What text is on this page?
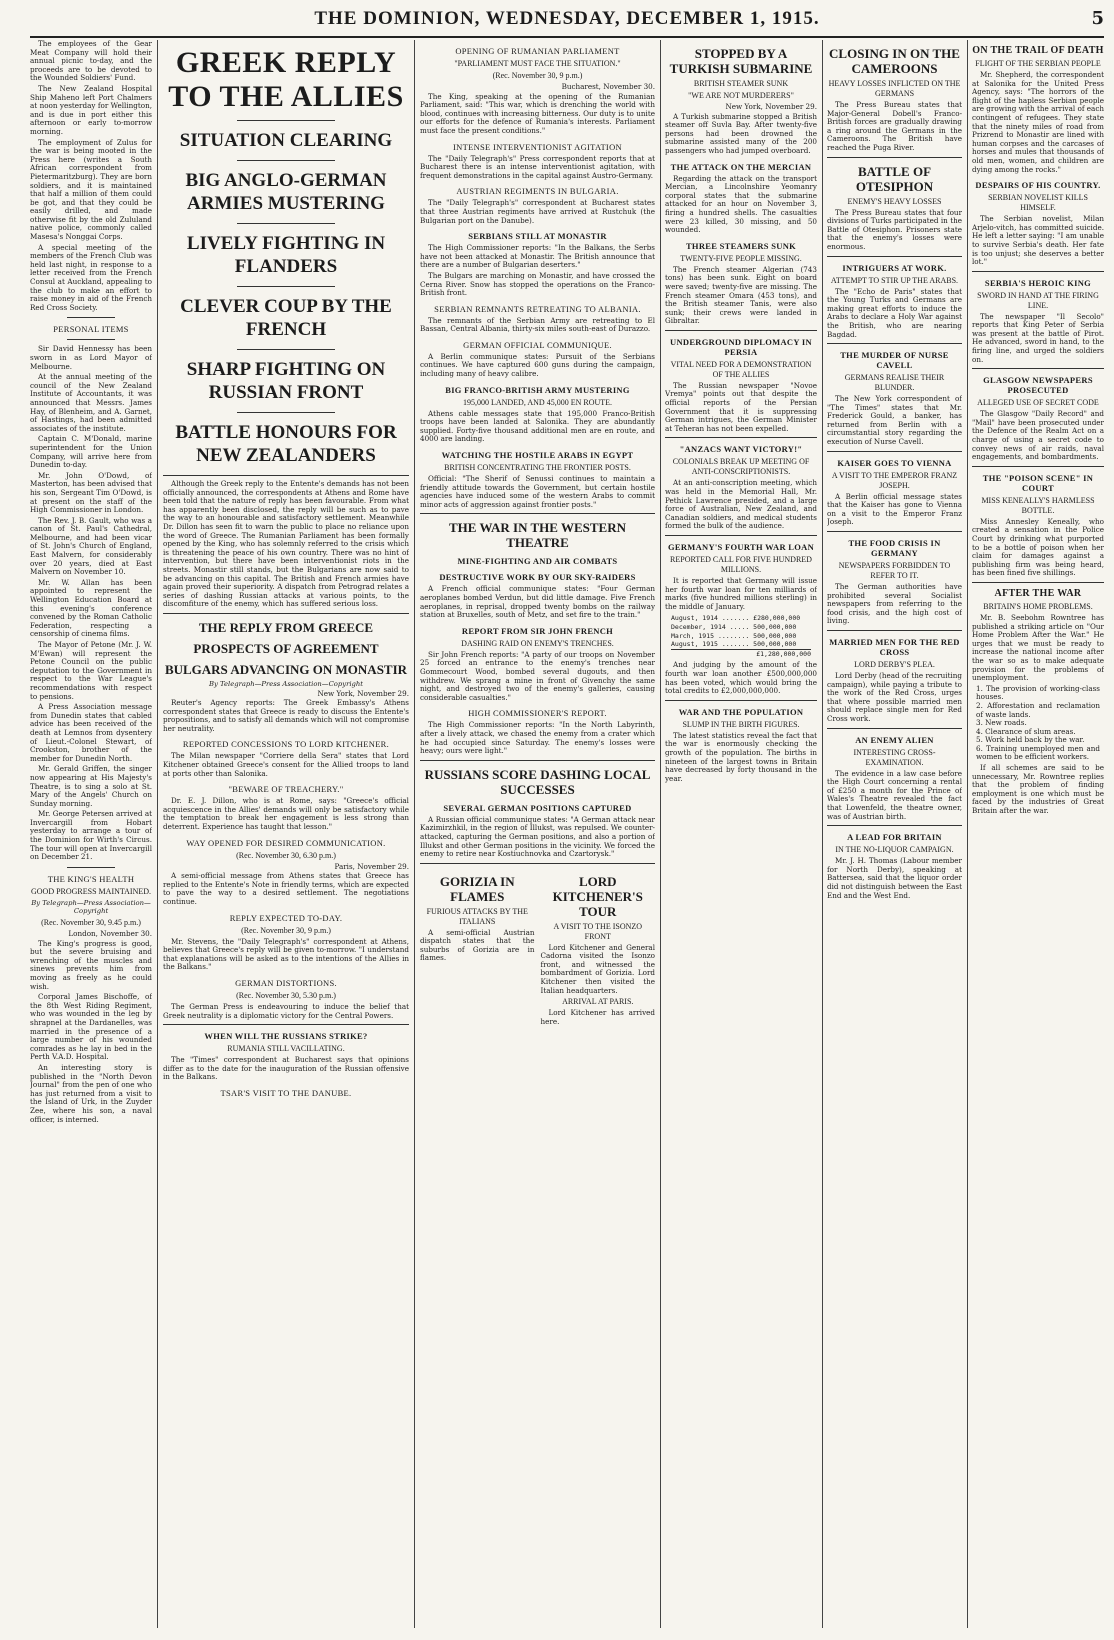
THE DOMINION, WEDNESDAY, DECEMBER 1, 1915.	5

The employees of the Gear Meat Company will hold their annual picnic to-day, and the proceeds are to be devoted to the Wounded Soldiers' Fund.

The New Zealand Hospital Ship Maheno left Port Chalmers at noon yesterday for Wellington, and is due in port either this afternoon or early to-morrow morning.

The employment of Zulus for the war is being mooted in the Press here (writes a South African correspondent from Pietermaritzburg). They are born soldiers, and it is maintained that half a million of them could be got, and that they could be easily drilled, and made otherwise fit by the old Zululand native police, commonly called Masesa's Nonggai Corps.

A special meeting of the members of the French Club was held last night, in response to a letter received from the French Consul at Auckland, appealing to the club to make an effort to raise money in aid of the French Red Cross Society.

PERSONAL ITEMS

Sir David Hennessy has been sworn in as Lord Mayor of Melbourne.

At the annual meeting of the council of the New Zealand Institute of Accountants, it was announced that Messrs. James Hay, of Blenheim, and A. Garnet, of Hastings, had been admitted associates of the institute.

Captain C. M'Donald, marine superintendent for the Union Company, will arrive here from Dunedin to-day.

Mr. John O'Dowd, of Masterton, has been advised that his son, Sergeant Tim O'Dowd, is at present on the staff of the High Commissioner in London.

The Rev. J. B. Gault, who was a canon of St. Paul's Cathedral, Melbourne, and had been vicar of St. John's Church of England, East Malvern, for considerably over 20 years, died at East Malvern on November 10.

Mr. W. Allan has been appointed to represent the Wellington Education Board at this evening's conference convened by the Roman Catholic Federation, respecting a censorship of cinema films.

The Mayor of Petone (Mr. J. W. M'Ewan) will represent the Petone Council on the public deputation to the Government in respect to the War League's recommendations with respect to pensions.

A Press Association message from Dunedin states that cabled advice has been received of the death at Lemnos from dysentery of Lieut.-Colonel Stewart, of Crookston, brother of the member for Dunedin North.

Mr. Gerald Griffen, the singer now appearing at His Majesty's Theatre, is to sing a solo at St. Mary of the Angels' Church on Sunday morning.

Mr. George Petersen arrived at Invercargill from Hobart yesterday to arrange a tour of the Dominion for Wirth's Circus. The tour will open at Invercargill on December 21.

THE KING'S HEALTH
GOOD PROGRESS MAINTAINED.
By Telegraph—Press Association—Copyright
(Rec. November 30, 9.45 p.m.)
London, November 30.

The King's progress is good, but the severe bruising and wrenching of the muscles and sinews prevents him from moving as freely as he could wish.

Corporal James Bischoffe, of the 8th West Riding Regiment, who was wounded in the leg by shrapnel at the Dardanelles, was married in the presence of a large number of his wounded comrades as he lay in bed in the Perth V.A.D. Hospital.

An interesting story is published in the "North Devon Journal" from the pen of one who has just returned from a visit to the Island of Urk, in the Zuyder Zee, where his son, a naval officer, is interned.

GREEK REPLY TO THE ALLIES
SITUATION CLEARING
BIG ANGLO-GERMAN ARMIES MUSTERING
LIVELY FIGHTING IN FLANDERS
CLEVER COUP BY THE FRENCH
SHARP FIGHTING ON RUSSIAN FRONT
BATTLE HONOURS FOR NEW ZEALANDERS

Although the Greek reply to the Entente's demands has not been officially announced, the correspondents at Athens and Rome have been told that the nature of reply has been favourable. From what has apparently been disclosed, the reply will be such as to pave the way to an honourable and satisfactory settlement. Meanwhile Dr. Dillon has seen fit to warn the public to place no reliance upon the word of Greece. The Rumanian Parliament has been formally opened by the King, who has solemnly referred to the crisis which is threatening the peace of his own country. There was no hint of intervention, but there have been interventionist riots in the streets. Monastir still stands, but the Bulgarians are now said to be advancing on this capital. The British and French armies have again proved their superiority. A dispatch from Petrograd relates a series of dashing Russian attacks at various points, to the discomfiture of the enemy, which has suffered serious loss.

THE REPLY FROM GREECE
PROSPECTS OF AGREEMENT
BULGARS ADVANCING ON MONASTIR
By Telegraph—Press Association—Copyright
New York, November 29.

Reuter's Agency reports: The Greek Embassy's Athens correspondent states that Greece is ready to discuss the Entente's propositions, and to satisfy all demands which will not compromise her neutrality.

REPORTED CONCESSIONS TO LORD KITCHENER.

The Milan newspaper "Corriere della Sera" states that Lord Kitchener obtained Greece's consent for the Allied troops to land at ports other than Salonika.

"BEWARE OF TREACHERY."

Dr. E. J. Dillon, who is at Rome, says: "Greece's official acquiescence in the Allies' demands will only be satisfactory while the temptation to break her engagement is less strong than deterrent. Experience has taught that lesson."

WAY OPENED FOR DESIRED COMMUNICATION.
(Rec. November 30, 6.30 p.m.)
Paris, November 29.

A semi-official message from Athens states that Greece has replied to the Entente's Note in friendly terms, which are expected to pave the way to a desired settlement. The negotiations continue.

REPLY EXPECTED TO-DAY.
(Rec. November 30, 9 p.m.)

Mr. Stevens, the "Daily Telegraph's" correspondent at Athens, believes that Greece's reply will be given to-morrow. "I understand that explanations will be asked as to the intentions of the Allies in the Balkans."

GERMAN DISTORTIONS.
(Rec. November 30, 5.30 p.m.)

The German Press is endeavouring to induce the belief that Greek neutrality is a diplomatic victory for the Central Powers.

WHEN WILL THE RUSSIANS STRIKE?
RUMANIA STILL VACILLATING.

The "Times" correspondent at Bucharest says that opinions differ as to the date for the inauguration of the Russian offensive in the Balkans.

TSAR'S VISIT TO THE DANUBE.
OPENING OF RUMANIAN PARLIAMENT
"PARLIAMENT MUST FACE THE SITUATION."
(Rec. November 30, 9 p.m.)
Bucharest, November 30.

The King, speaking at the opening of the Rumanian Parliament, said: "This war, which is drenching the world with blood, continues with increasing bitterness. Our duty is to unite our efforts for the defence of Rumania's interests. Parliament must face the present conditions."

INTENSE INTERVENTIONIST AGITATION

The "Daily Telegraph's" Press correspondent reports that at Bucharest there is an intense interventionist agitation, with frequent demonstrations in the capital against Austro-Germany.

AUSTRIAN REGIMENTS IN BULGARIA.

The "Daily Telegraph's" correspondent at Bucharest states that three Austrian regiments have arrived at Rustchuk (the Bulgarian port on the Danube).

SERBIANS STILL AT MONASTIR

The High Commissioner reports: "In the Balkans, the Serbs have not been attacked at Monastir. The British announce that there are a number of Bulgarian deserters."

The Bulgars are marching on Monastir, and have crossed the Cerna River. Snow has stopped the operations on the Franco-British front.

SERBIAN REMNANTS RETREATING TO ALBANIA.

The remnants of the Serbian Army are retreating to El Bassan, Central Albania, thirty-six miles south-east of Durazzo.

GERMAN OFFICIAL COMMUNIQUE.

A Berlin communique states: Pursuit of the Serbians continues. We have captured 600 guns during the campaign, including many of heavy calibre.

BIG FRANCO-BRITISH ARMY MUSTERING
195,000 LANDED, AND 45,000 EN ROUTE.

Athens cable messages state that 195,000 Franco-British troops have been landed at Salonika. They are abundantly supplied. Forty-five thousand additional men are en route, and 4000 are landing.

WATCHING THE HOSTILE ARABS IN EGYPT
BRITISH CONCENTRATING THE FRONTIER POSTS.

Official: "The Sherif of Senussi continues to maintain a friendly attitude towards the Government, but certain hostile agencies have induced some of the western Arabs to commit minor acts of aggression against frontier posts."

THE WAR IN THE WESTERN THEATRE
MINE-FIGHTING AND AIR COMBATS
DESTRUCTIVE WORK BY OUR SKY-RAIDERS

A French official communique states: "Four German aeroplanes bombed Verdun, but did little damage. Five French aeroplanes, in reprisal, dropped twenty bombs on the railway station at Bruxelles, south of Metz, and set fire to the train."

REPORT FROM SIR JOHN FRENCH
DASHING RAID ON ENEMY'S TRENCHES.

Sir John French reports: "A party of our troops on November 25 forced an entrance to the enemy's trenches near Gommecourt Wood, bombed several dugouts, and then withdrew. We sprang a mine in front of Givenchy the same night, and destroyed two of the enemy's galleries, causing considerable casualties."

HIGH COMMISSIONER'S REPORT.

The High Commissioner reports: "In the North Labyrinth, after a lively attack, we chased the enemy from a crater which he had occupied since Saturday. The enemy's losses were heavy; ours were light."

RUSSIANS SCORE DASHING LOCAL SUCCESSES
SEVERAL GERMAN POSITIONS CAPTURED

A Russian official communique states: "A German attack near Kazimirzhkil, in the region of Illukst, was repulsed. We counter-attacked, capturing the German positions, and also a portion of Illukst and other German positions in the vicinity. We forced the enemy to retire near Kostiuchnovka and Czartorysk."

GORIZIA IN FLAMES
FURIOUS ATTACKS BY THE ITALIANS

A semi-official Austrian dispatch states that the suburbs of Gorizia are in flames.

LORD KITCHENER'S TOUR
A VISIT TO THE ISONZO FRONT

Lord Kitchener and General Cadorna visited the Isonzo front, and witnessed the bombardment of Gorizia. Lord Kitchener then visited the Italian headquarters.

ARRIVAL AT PARIS.

Lord Kitchener has arrived here.

STOPPED BY A TURKISH SUBMARINE
BRITISH STEAMER SUNK
"WE ARE NOT MURDERERS"
New York, November 29.

A Turkish submarine stopped a British steamer off Suvla Bay. After twenty-five persons had been drowned the submarine assisted many of the 200 passengers who had jumped overboard.

THE ATTACK ON THE MERCIAN

Regarding the attack on the transport Mercian, a Lincolnshire Yeomanry corporal states that the submarine attacked for an hour on November 3, firing a hundred shells. The casualties were 23 killed, 30 missing, and 50 wounded.

THREE STEAMERS SUNK
TWENTY-FIVE PEOPLE MISSING.

The French steamer Algerian (743 tons) has been sunk. Eight on board were saved; twenty-five are missing. The French steamer Omara (453 tons), and the British steamer Tanis, were also sunk; their crews were landed in Gibraltar.

UNDERGROUND DIPLOMACY IN PERSIA
VITAL NEED FOR A DEMONSTRATION OF THE ALLIES

The Russian newspaper "Novoe Vremya" points out that despite the official reports of the Persian Government that it is suppressing German intrigues, the German Minister at Teheran has not been expelled.

"ANZACS WANT VICTORY!"
COLONIALS BREAK UP MEETING OF ANTI-CONSCRIPTIONISTS.

At an anti-conscription meeting, which was held in the Memorial Hall, Mr. Pethick Lawrence presided, and a large force of Australian, New Zealand, and Canadian soldiers, and medical students formed the bulk of the audience.

GERMANY'S FOURTH WAR LOAN
REPORTED CALL FOR FIVE HUNDRED MILLIONS.

It is reported that Germany will issue her fourth war loan for ten milliards of marks (five hundred millions sterling) in the middle of January.

August, 1914 ....... £280,000,000
December, 1914 ..... 500,000,000
March, 1915 ........ 500,000,000
August, 1915 ....... 500,000,000
£1,280,000,000

And judging by the amount of the fourth war loan another £500,000,000 has been voted, which would bring the total credits to £2,000,000,000.

WAR AND THE POPULATION
SLUMP IN THE BIRTH FIGURES.

The latest statistics reveal the fact that the war is enormously checking the growth of the population. The births in nineteen of the largest towns in Britain have decreased by forty thousand in the year.

CLOSING IN ON THE CAMEROONS
HEAVY LOSSES INFLICTED ON THE GERMANS

The Press Bureau states that Major-General Dobell's Franco-British forces are gradually drawing a ring around the Germans in the Cameroons. The British have reached the Puga River.

BATTLE OF OTESIPHON
ENEMY'S HEAVY LOSSES

The Press Bureau states that four divisions of Turks participated in the Battle of Otesiphon. Prisoners state that the enemy's losses were enormous.

INTRIGUERS AT WORK.
ATTEMPT TO STIR UP THE ARABS.

The "Echo de Paris" states that the Young Turks and Germans are making great efforts to induce the Arabs to declare a Holy War against the British, who are nearing Bagdad.

THE MURDER OF NURSE CAVELL
GERMANS REALISE THEIR BLUNDER.

The New York correspondent of "The Times" states that Mr. Frederick Gould, a banker, has returned from Berlin with a circumstantial story regarding the execution of Nurse Cavell.

KAISER GOES TO VIENNA
A VISIT TO THE EMPEROR FRANZ JOSEPH.

A Berlin official message states that the Kaiser has gone to Vienna on a visit to the Emperor Franz Joseph.

THE FOOD CRISIS IN GERMANY
NEWSPAPERS FORBIDDEN TO REFER TO IT.

The German authorities have prohibited several Socialist newspapers from referring to the food crisis, and the high cost of living.

MARRIED MEN FOR THE RED CROSS
LORD DERBY'S PLEA.

Lord Derby (head of the recruiting campaign), while paying a tribute to the work of the Red Cross, urges that where possible married men should replace single men for Red Cross work.

AN ENEMY ALIEN
INTERESTING CROSS-EXAMINATION.

The evidence in a law case before the High Court concerning a rental of £250 a month for the Prince of Wales's Theatre revealed the fact that Lowenfeld, the theatre owner, was of Austrian birth.

A LEAD FOR BRITAIN
IN THE NO-LIQUOR CAMPAIGN.

Mr. J. H. Thomas (Labour member for North Derby), speaking at Battersea, said that the liquor order did not distinguish between the East End and the West End.

ON THE TRAIL OF DEATH
FLIGHT OF THE SERBIAN PEOPLE

Mr. Shepherd, the correspondent at Salonika for the United Press Agency, says: "The horrors of the flight of the hapless Serbian people are growing with the arrival of each contingent of refugees. They state that the ninety miles of road from Prizrend to Monastir are lined with human corpses and the carcases of horses and mules that thousands of old men, women, and children are dying among the rocks."

DESPAIRS OF HIS COUNTRY.
SERBIAN NOVELIST KILLS HIMSELF.

The Serbian novelist, Milan Arjelo-vitch, has committed suicide. He left a letter saying: "I am unable to survive Serbia's death. Her fate is too unjust; she deserves a better lot."

SERBIA'S HEROIC KING
SWORD IN HAND AT THE FIRING LINE.

The newspaper "Il Secolo" reports that King Peter of Serbia was present at the battle of Pirot. He advanced, sword in hand, to the firing line, and urged the soldiers on.

GLASGOW NEWSPAPERS PROSECUTED
ALLEGED USE OF SECRET CODE

The Glasgow "Daily Record" and "Mail" have been prosecuted under the Defence of the Realm Act on a charge of using a secret code to convey news of air raids, naval engagements, and bombardments.

THE "POISON SCENE" IN COURT
MISS KENEALLY'S HARMLESS BOTTLE.

Miss Annesley Keneally, who created a sensation in the Police Court by drinking what purported to be a bottle of poison when her claim for damages against a publishing firm was being heard, has been fined five shillings.

AFTER THE WAR
BRITAIN'S HOME PROBLEMS.

Mr. B. Seebohm Rowntree has published a striking article on "Our Home Problem After the War." He urges that we must be ready to increase the national income after the war so as to make adequate provision for the problems of unemployment.

1. The provision of working-class houses.
2. Afforestation and reclamation of waste lands.
3. New roads.
4. Clearance of slum areas.
5. Work held back by the war.
6. Training unemployed men and women to be efficient workers.

If all schemes are said to be unnecessary, Mr. Rowntree replies that the problem of finding employment is one which must be faced by the industries of Great Britain after the war.
